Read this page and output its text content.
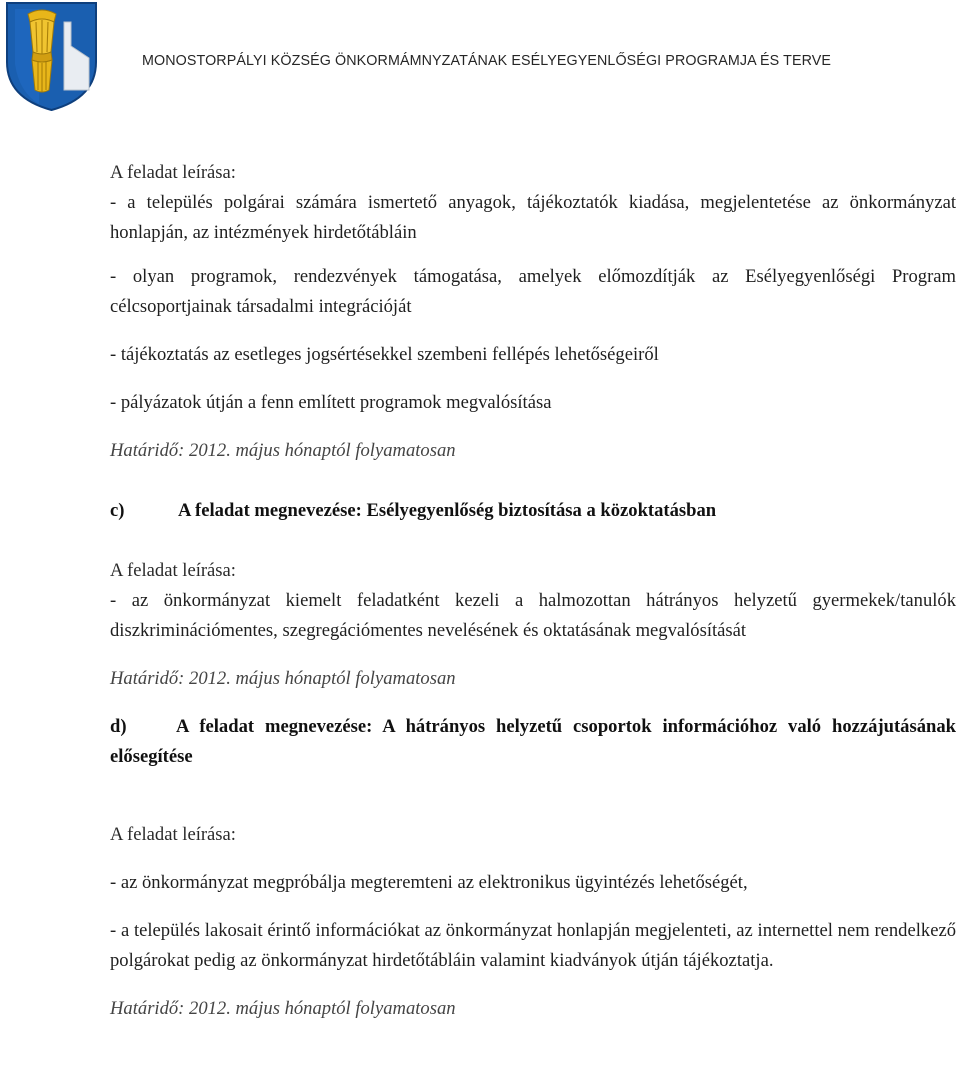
MONOSTORPÁLYI KÖZSÉG ÖNKORMÁMNYZATÁNAK ESÉLYEGYENLŐSÉGI PROGRAMJA ÉS TERVE

A feladat leírása:

- a település polgárai számára ismertető anyagok, tájékoztatók kiadása, megjelentetése az önkormányzat honlapján, az intézmények hirdetőtábláin

- olyan programok, rendezvények támogatása, amelyek előmozdítják az Esélyegyenlőségi Program célcsoportjainak társadalmi integrációját

- tájékoztatás az esetleges jogsértésekkel szembeni fellépés lehetőségeiről

- pályázatok útján a fenn említett programok megvalósítása

Határidő: 2012. május hónaptól folyamatosan

c)	A feladat megnevezése: Esélyegyenlőség biztosítása a közoktatásban

A feladat leírása:

- az önkormányzat kiemelt feladatként kezeli a halmozottan hátrányos helyzetű gyermekek/tanulók diszkriminációmentes, szegregációmentes nevelésének és oktatásának megvalósítását

Határidő: 2012. május hónaptól folyamatosan

d)	A feladat megnevezése: A hátrányos helyzetű csoportok információhoz való hozzájutásának elősegítése

A feladat leírása:

- az önkormányzat megpróbálja megteremteni az elektronikus ügyintézés lehetőségét,

- a település lakosait érintő információkat az önkormányzat honlapján megjelenteti, az internettel nem rendelkező polgárokat pedig az önkormányzat hirdetőtábláin valamint kiadványok útján tájékoztatja.

Határidő: 2012. május hónaptól folyamatosan
